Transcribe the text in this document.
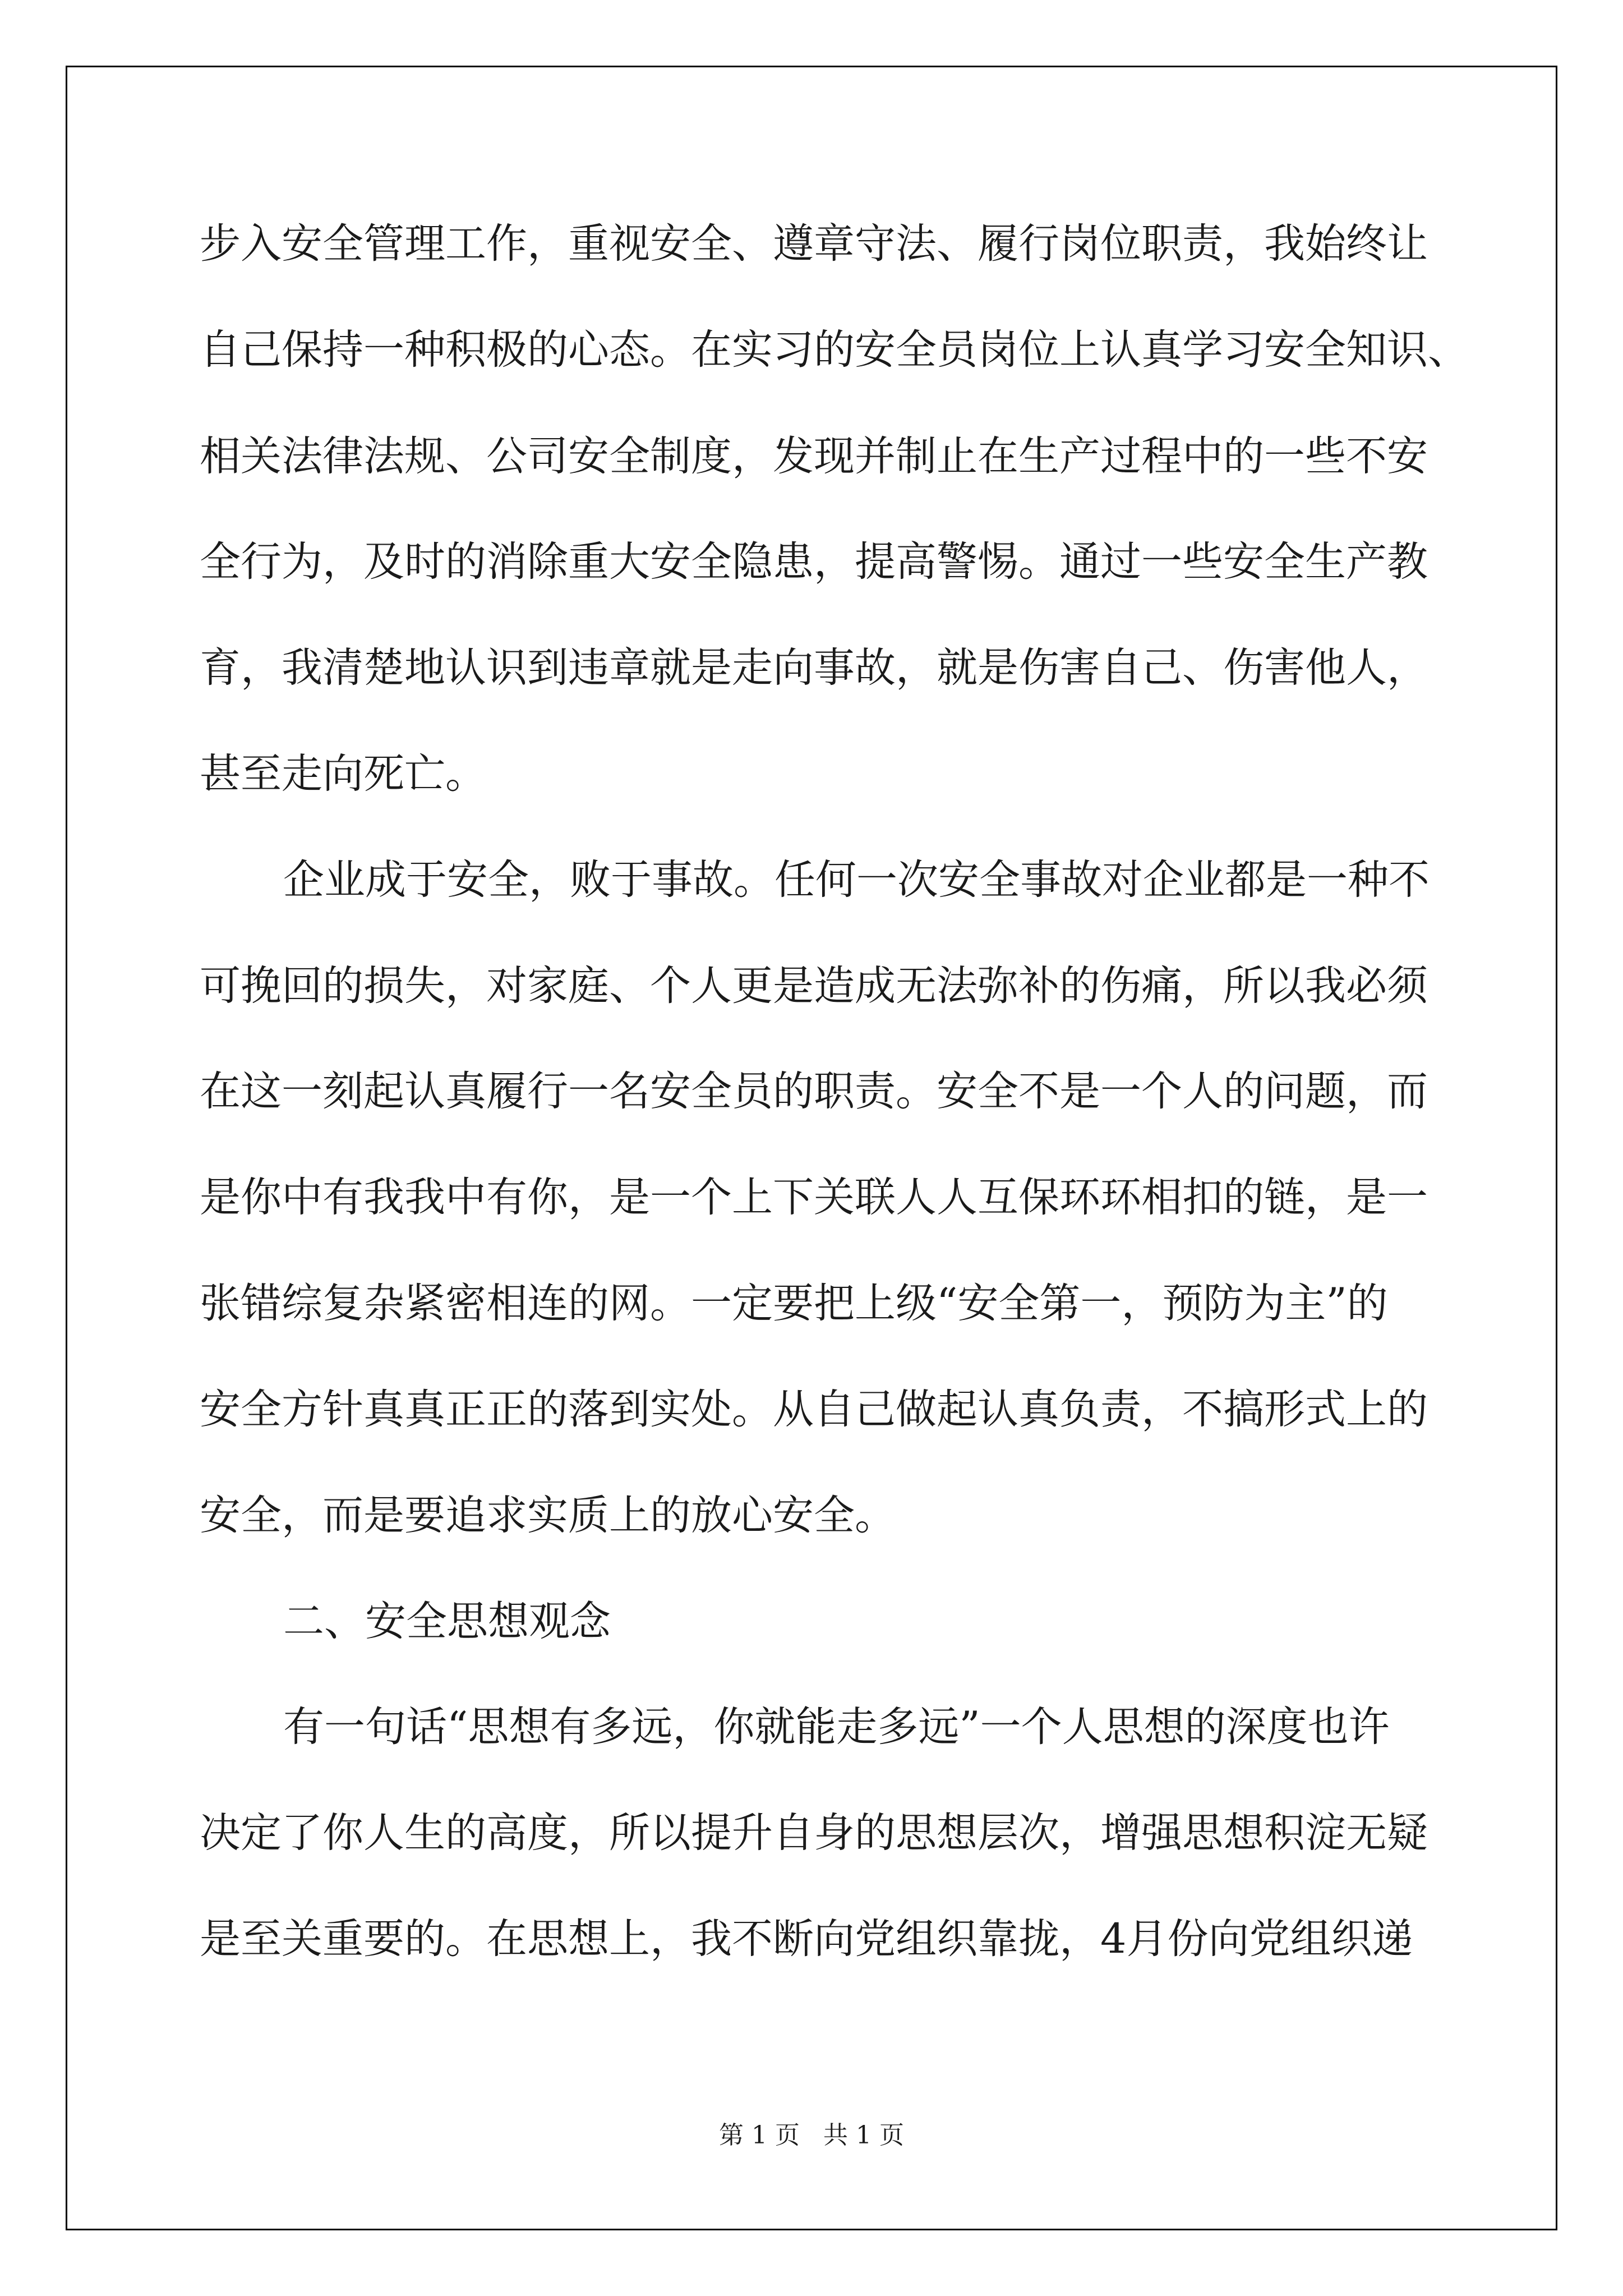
步入安全管理工作，重视安全、遵章守法、履行岗位职责，我始终让

自己保持一种积极的心态。在实习的安全员岗位上认真学习安全知识、

相关法律法规、公司安全制度，发现并制止在生产过程中的一些不安

全行为，及时的消除重大安全隐患，提高警惕。通过一些安全生产教

育，我清楚地认识到违章就是走向事故，就是伤害自己、伤害他人，

甚至走向死亡。

企业成于安全，败于事故。任何一次安全事故对企业都是一种不

可挽回的损失，对家庭、个人更是造成无法弥补的伤痛，所以我必须

在这一刻起认真履行一名安全员的职责。安全不是一个人的问题，而

是你中有我我中有你，是一个上下关联人人互保环环相扣的链，是一

张错综复杂紧密相连的网。一定要把上级“安全第一，预防为主”的

安全方针真真正正的落到实处。从自己做起认真负责，不搞形式上的

安全，而是要追求实质上的放心安全。

二、安全思想观念

有一句话“思想有多远，你就能走多远”一个人思想的深度也许

决定了你人生的高度，所以提升自身的思想层次，增强思想积淀无疑

是至关重要的。在思想上，我不断向党组织靠拢，4月份向党组织递

第 1 页   共 1 页
